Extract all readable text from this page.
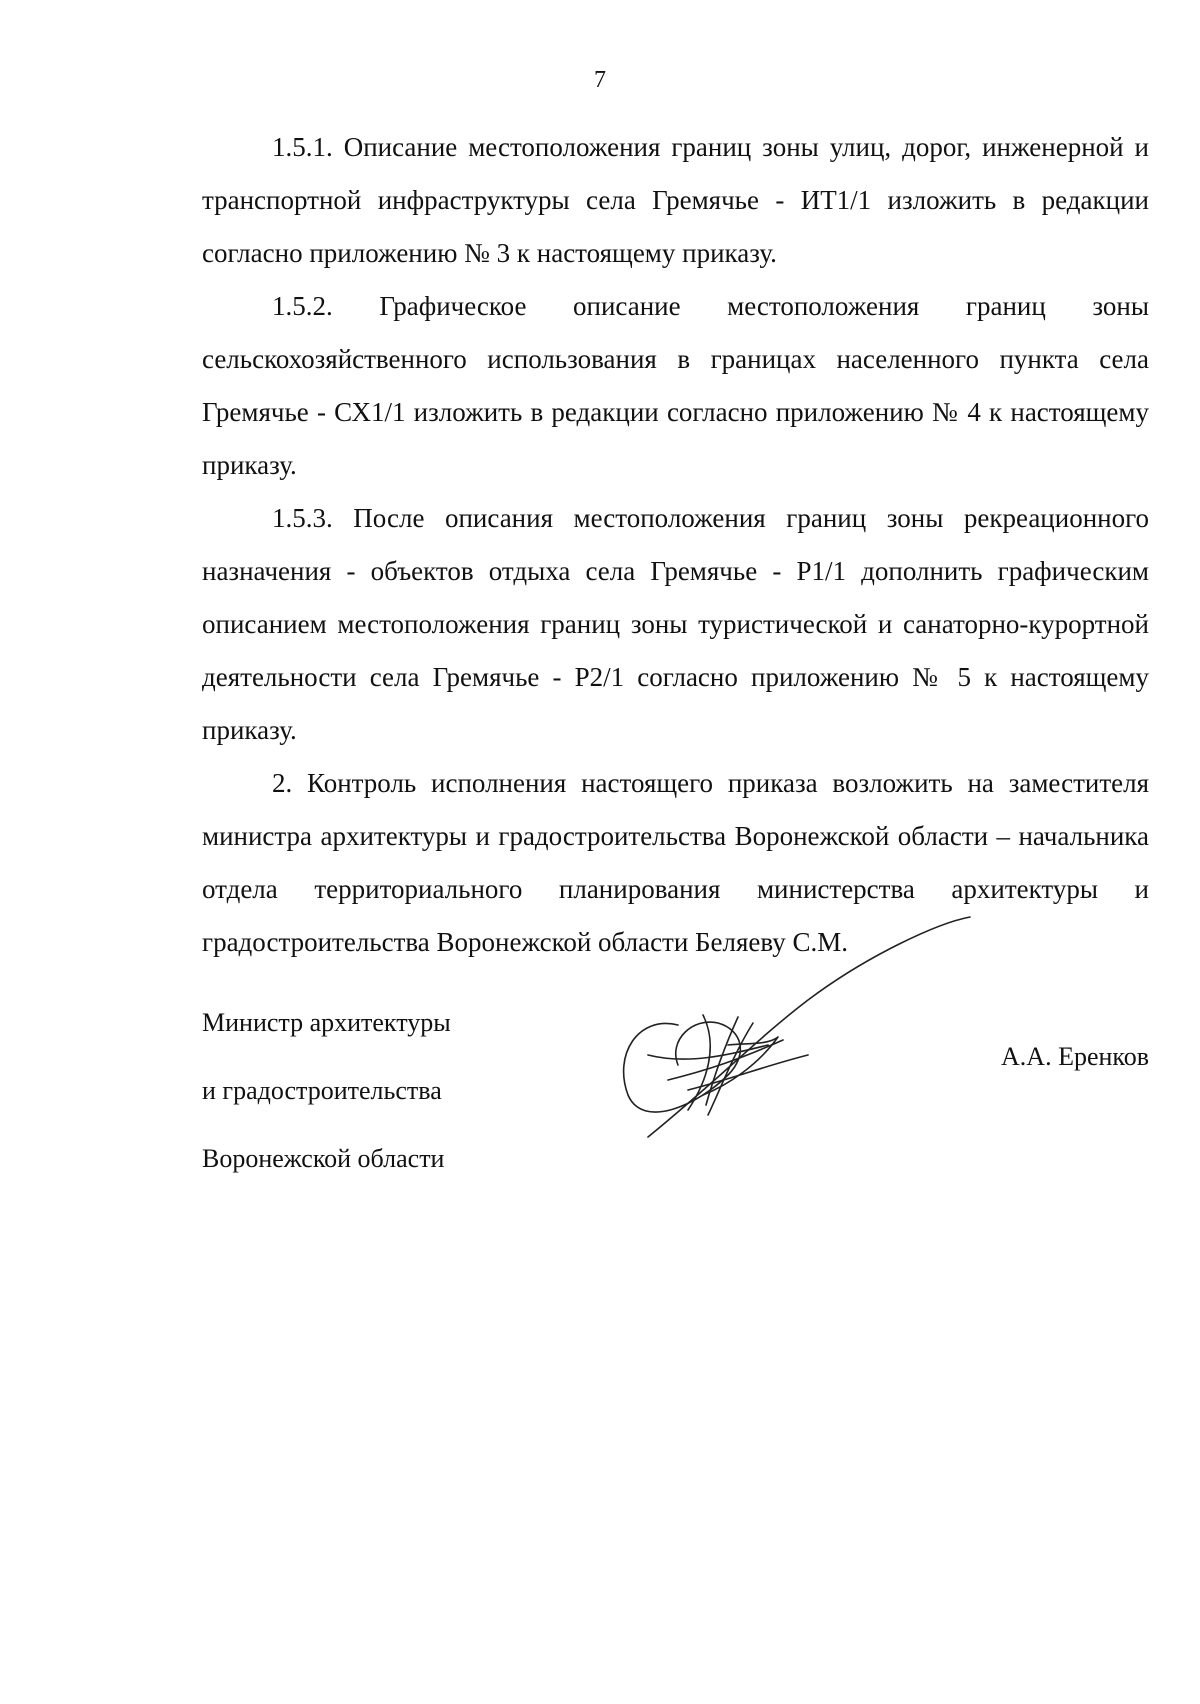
7

1.5.1. Описание местоположения границ зоны улиц, дорог, инженерной и транспортной инфраструктуры села Гремячье - ИТ1/1 изложить в редакции согласно приложению № 3 к настоящему приказу.

1.5.2. Графическое описание местоположения границ зоны сельскохозяйственного использования в границах населенного пункта села Гремячье - СХ1/1 изложить в редакции согласно приложению № 4 к настоящему приказу.

1.5.3. После описания местоположения границ зоны рекреационного назначения - объектов отдыха села Гремячье - Р1/1 дополнить графическим описанием местоположения границ зоны туристической и санаторно-курортной деятельности села Гремячье - Р2/1 согласно приложению № 5 к настоящему приказу.

2. Контроль исполнения настоящего приказа возложить на заместителя министра архитектуры и градостроительства Воронежской области – начальника отдела территориального планирования министерства архитектуры и градостроительства Воронежской области Беляеву С.М.

Министр архитектуры

и градостроительства

Воронежской области

А.А. Еренков
